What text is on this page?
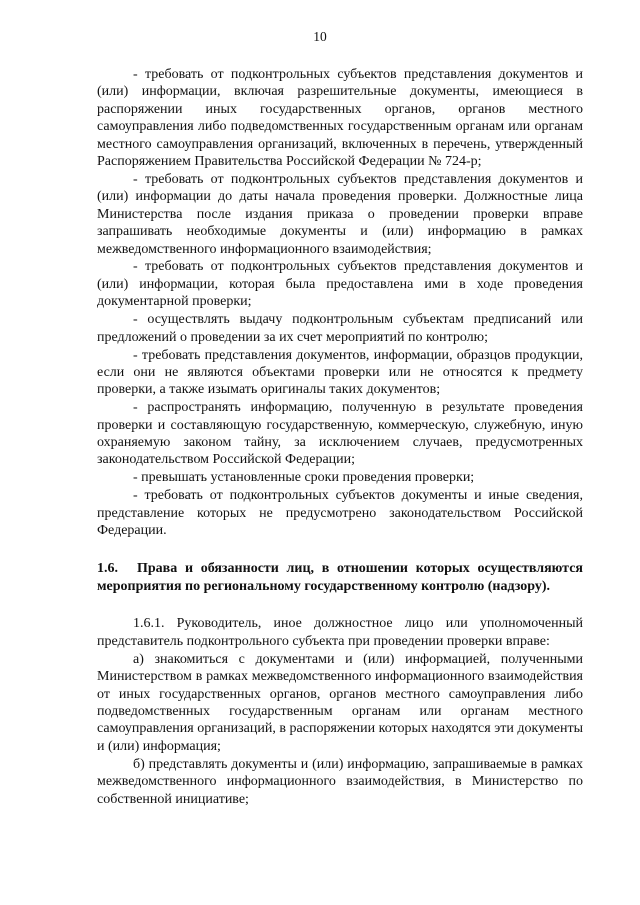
10

- требовать от подконтрольных субъектов представления документов и (или) информации, включая разрешительные документы, имеющиеся в распоряжении иных государственных органов, органов местного самоуправления либо подведомственных государственным органам или органам местного самоуправления организаций, включенных в перечень, утвержденный Распоряжением Правительства Российской Федерации № 724-р;

- требовать от подконтрольных субъектов представления документов и (или) информации до даты начала проведения проверки. Должностные лица Министерства после издания приказа о проведении проверки вправе запрашивать необходимые документы и (или) информацию в рамках межведомственного информационного взаимодействия;

- требовать от подконтрольных субъектов представления документов и (или) информации, которая была предоставлена ими в ходе проведения документарной проверки;

- осуществлять выдачу подконтрольным субъектам предписаний или предложений о проведении за их счет мероприятий по контролю;

- требовать представления документов, информации, образцов продукции, если они не являются объектами проверки или не относятся к предмету проверки, а также изымать оригиналы таких документов;

- распространять информацию, полученную в результате проведения проверки и составляющую государственную, коммерческую, служебную, иную охраняемую законом тайну, за исключением случаев, предусмотренных законодательством Российской Федерации;

- превышать установленные сроки проведения проверки;

- требовать от подконтрольных субъектов документы и иные сведения, представление которых не предусмотрено законодательством Российской Федерации.

1.6. Права и обязанности лиц, в отношении которых осуществляются мероприятия по региональному государственному контролю (надзору).

1.6.1. Руководитель, иное должностное лицо или уполномоченный представитель подконтрольного субъекта при проведении проверки вправе:

а) знакомиться с документами и (или) информацией, полученными Министерством в рамках межведомственного информационного взаимодействия от иных государственных органов, органов местного самоуправления либо подведомственных государственным органам или органам местного самоуправления организаций, в распоряжении которых находятся эти документы и (или) информация;

б) представлять документы и (или) информацию, запрашиваемые в рамках межведомственного информационного взаимодействия, в Министерство по собственной инициативе;
